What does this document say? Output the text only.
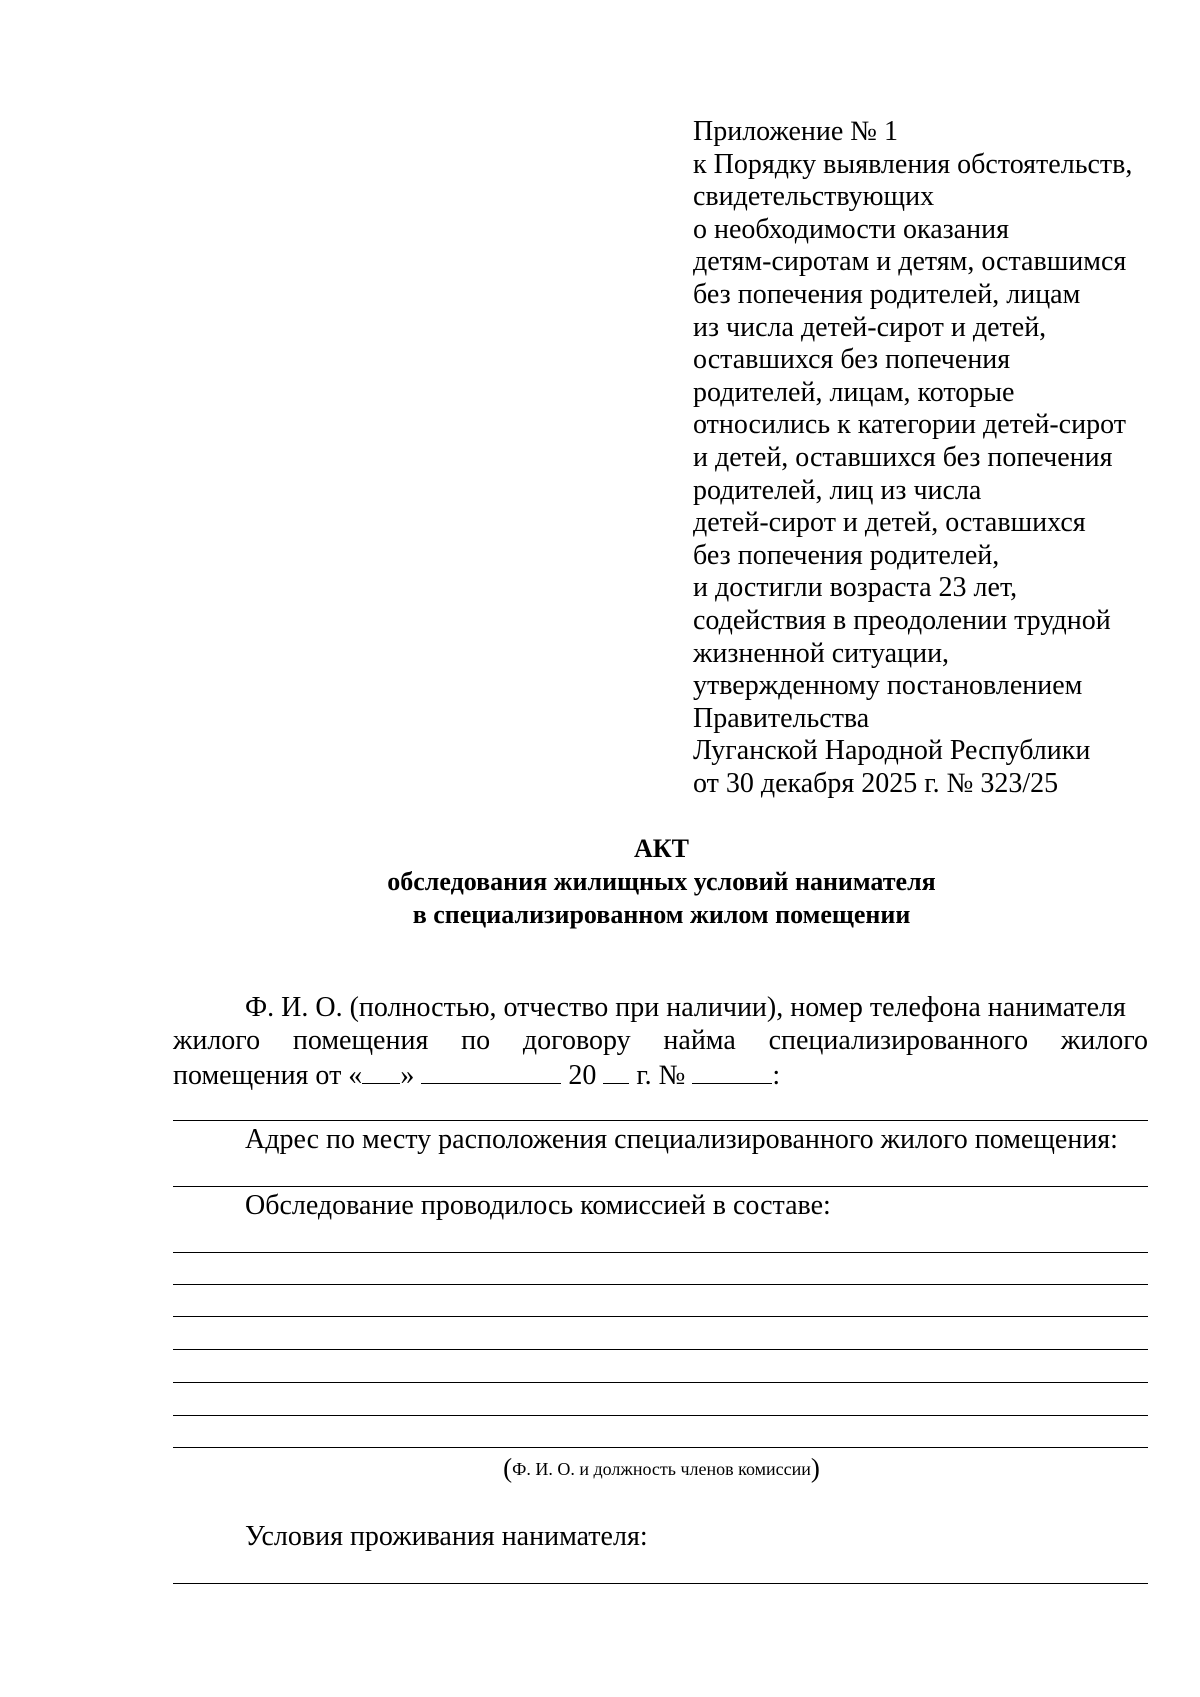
Приложение № 1
к Порядку выявления обстоятельств,
свидетельствующих
о необходимости оказания
детям-сиротам и детям, оставшимся
без попечения родителей, лицам
из числа детей-сирот и детей,
оставшихся без попечения
родителей, лицам, которые
относились к категории детей-сирот
и детей, оставшихся без попечения
родителей, лиц из числа
детей-сирот и детей, оставшихся
без попечения родителей,
и достигли возраста 23 лет,
содействия в преодолении трудной
жизненной ситуации,
утвержденному постановлением
Правительства
Луганской Народной Республики
от 30 декабря 2025 г. № 323/25
АКТ
обследования жилищных условий нанимателя
в специализированном жилом помещении
Ф. И. О. (полностью, отчество при наличии), номер телефона нанимателя
жилого помещения по договору найма специализированного жилого
помещения от « »	20 г. №	:
Адрес по месту расположения специализированного жилого помещения:
Обследование проводилось комиссией в составе:
(Ф. И. О. и должность членов комиссии)
Условия проживания нанимателя:
